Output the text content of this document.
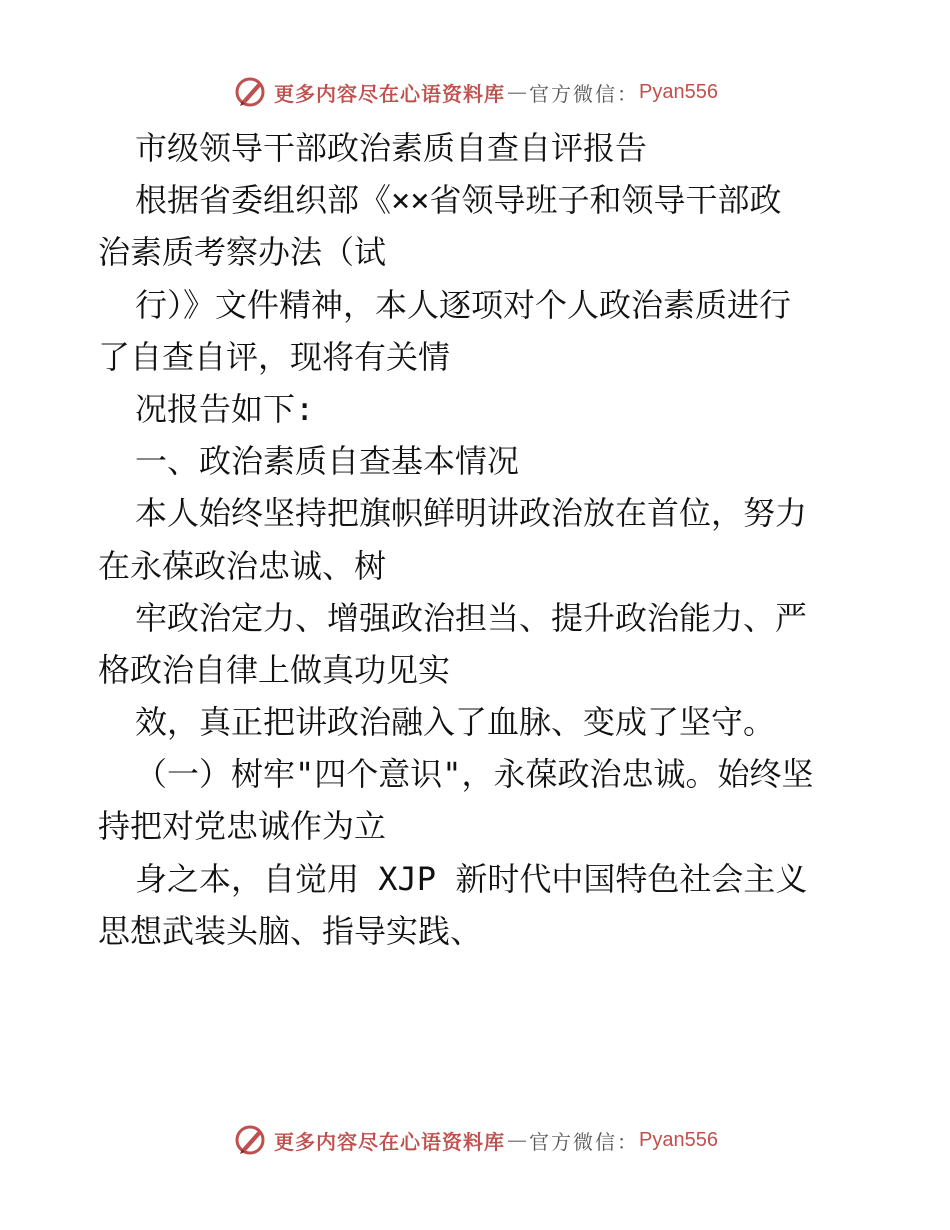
更多内容尽在心语资料库 — 官方微信： Pyan556
市级领导干部政治素质自查自评报告
根据省委组织部《××省领导班子和领导干部政
治素质考察办法（试
行）》文件精神，本人逐项对个人政治素质进行
了自查自评，现将有关情
况报告如下:
一、政治素质自查基本情况
本人始终坚持把旗帜鲜明讲政治放在首位，努力
在永葆政治忠诚、树
牢政治定力、增强政治担当、提升政治能力、严
格政治自律上做真功见实
效，真正把讲政治融入了血脉、变成了坚守。
（一）树牢"四个意识"，永葆政治忠诚。始终坚
持把对党忠诚作为立
身之本，自觉用 XJP 新时代中国特色社会主义
思想武装头脑、指导实践、
更多内容尽在心语资料库 — 官方微信： Pyan556
